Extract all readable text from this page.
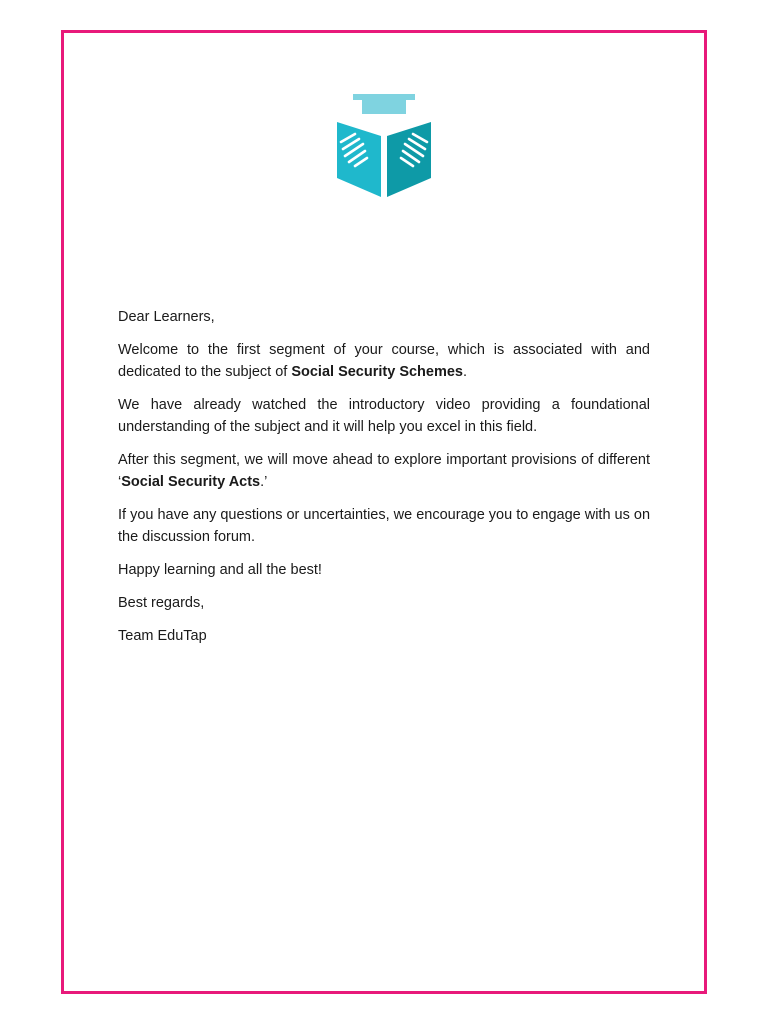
Dear Learners,

Welcome to the first segment of your course, which is associated with and dedicated to the subject of Social Security Schemes.

We have already watched the introductory video providing a foundational understanding of the subject and it will help you excel in this field.

After this segment, we will move ahead to explore important provisions of different ‘Social Security Acts.’

If you have any questions or uncertainties, we encourage you to engage with us on the discussion forum.

Happy learning and all the best!

Best regards,

Team EduTap
